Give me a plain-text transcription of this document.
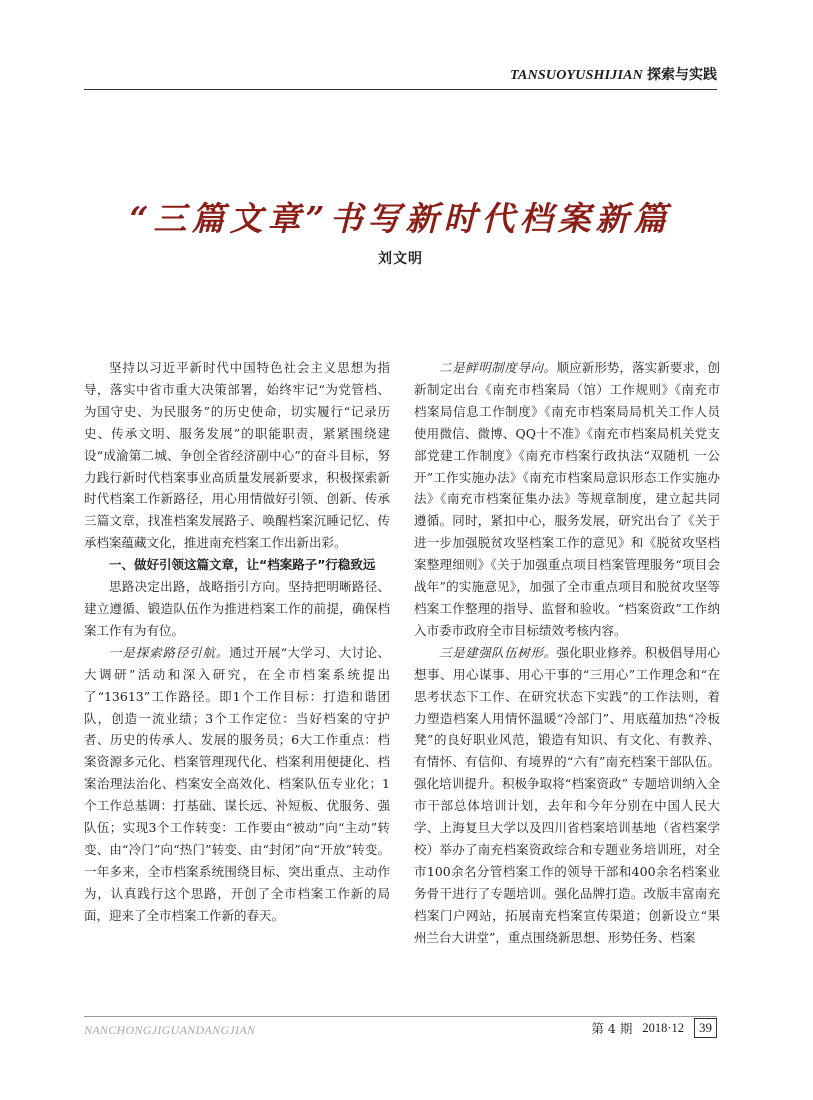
TANSUOYUSHIJIAN 探索与实践
“三篇文章”书写新时代档案新篇
刘文明

坚持以习近平新时代中国特色社会主义思想为指导，落实中省市重大决策部署，始终牢记“为党管档、为国守史、为民服务”的历史使命，切实履行“记录历史、传承文明、服务发展”的职能职责，紧紧围绕建设“成渝第二城、争创全省经济副中心”的奋斗目标，努力践行新时代档案事业高质量发展新要求，积极探索新时代档案工作新路径，用心用情做好引领、创新、传承三篇文章，找准档案发展路子、唤醒档案沉睡记忆、传承档案蕴藏文化，推进南充档案工作出新出彩。

一、做好引领这篇文章，让“档案路子”行稳致远

思路决定出路，战略指引方向。坚持把明晰路径、建立遵循、锻造队伍作为推进档案工作的前提，确保档案工作有为有位。

一是探索路径引航。通过开展“大学习、大讨论、大调研”活动和深入研究，在全市档案系统提出了“13613”工作路径。即1个工作目标：打造和谐团队，创造一流业绩；3个工作定位：当好档案的守护者、历史的传承人、发展的服务员；6大工作重点：档案资源多元化、档案管理现代化、档案利用便捷化、档案治理法治化、档案安全高效化、档案队伍专业化；1个工作总基调：打基础、谋长远、补短板、优服务、强队伍；实现3个工作转变：工作要由“被动”向“主动”转变、由“冷门”向“热门”转变、由“封闭”向“开放”转变。一年多来，全市档案系统围绕目标、突出重点、主动作为，认真践行这个思路，开创了全市档案工作新的局面，迎来了全市档案工作新的春天。

二是鲜明制度导向。顺应新形势，落实新要求，创新制定出台《南充市档案局（馆）工作规则》《南充市档案局信息工作制度》《南充市档案局局机关工作人员使用微信、微博、QQ十不准》《南充市档案局机关党支部党建工作制度》《南充市档案行政执法“双随机 一公开”工作实施办法》《南充市档案局意识形态工作实施办法》《南充市档案征集办法》等规章制度，建立起共同遵循。同时，紧扣中心，服务发展，研究出台了《关于进一步加强脱贫攻坚档案工作的意见》和《脱贫攻坚档案整理细则》《关于加强重点项目档案管理服务“项目会战年”的实施意见》，加强了全市重点项目和脱贫攻坚等档案工作整理的指导、监督和验收。“档案资政”工作纳入市委市政府全市目标绩效考核内容。

三是建强队伍树形。强化职业修养。积极倡导用心想事、用心谋事、用心干事的“三用心”工作理念和“在思考状态下工作、在研究状态下实践”的工作法则，着力塑造档案人用情怀温暖“冷部门”、用底蕴加热“冷板凳”的良好职业风范，锻造有知识、有文化、有教养、有情怀、有信仰、有境界的“六有”南充档案干部队伍。强化培训提升。积极争取将“档案资政” 专题培训纳入全市干部总体培训计划，去年和今年分别在中国人民大学、上海复旦大学以及四川省档案培训基地（省档案学校）举办了南充档案资政综合和专题业务培训班，对全市100余名分管档案工作的领导干部和400余名档案业务骨干进行了专题培训。强化品牌打造。改版丰富南充档案门户网站，拓展南充档案宣传渠道；创新设立“果州兰台大讲堂”，重点围绕新思想、形势任务、档案

NANCHONGJIGUANDANGJIAN	第 4 期 2018·12	39
